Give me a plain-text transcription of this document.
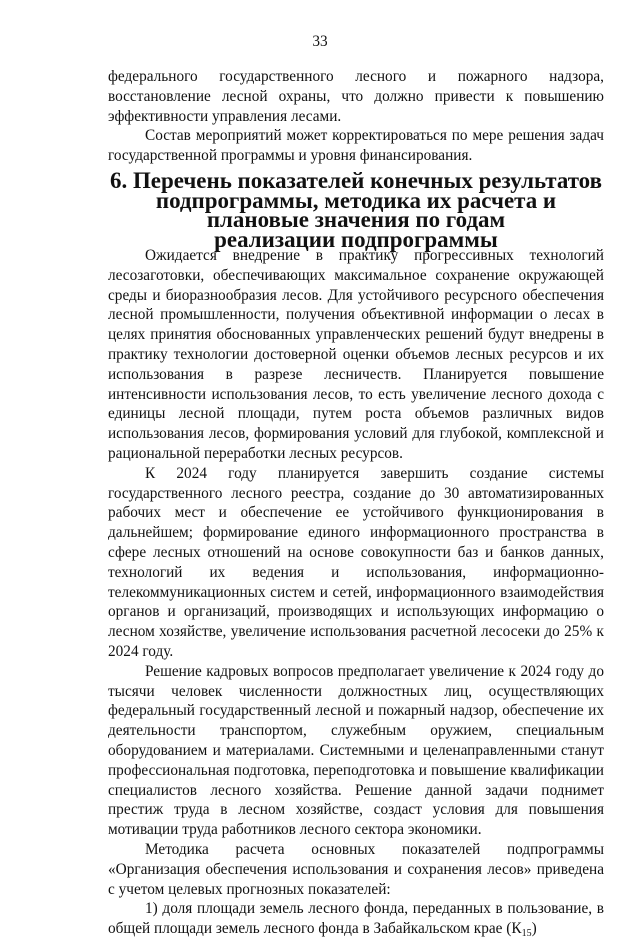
33

федерального государственного лесного и пожарного надзора, восстановление лесной охраны, что должно привести к повышению эффективности управления лесами.

Состав мероприятий может корректироваться по мере решения задач государственной программы и уровня финансирования.

6. Перечень показателей конечных результатов
подпрограммы, методика их расчета и плановые значения по годам
реализации подпрограммы

Ожидается внедрение в практику прогрессивных технологий лесозаготовки, обеспечивающих максимальное сохранение окружающей среды и биоразнообразия лесов. Для устойчивого ресурсного обеспечения лесной промышленности, получения объективной информации о лесах в целях принятия обоснованных управленческих решений будут внедрены в практику технологии достоверной оценки объемов лесных ресурсов и их использования в разрезе лесничеств. Планируется повышение интенсивности использования лесов, то есть увеличение лесного дохода с единицы лесной площади, путем роста объемов различных видов использования лесов, формирования условий для глубокой, комплексной и рациональной переработки лесных ресурсов.

К 2024 году планируется завершить создание системы государственного лесного реестра, создание до 30 автоматизированных рабочих мест и обеспечение ее устойчивого функционирования в дальнейшем; формирование единого информационного пространства в сфере лесных отношений на основе совокупности баз и банков данных, технологий их ведения и использования, информационно-телекоммуникационных систем и сетей, информационного взаимодействия органов и организаций, производящих и использующих информацию о лесном хозяйстве, увеличение использования расчетной лесосеки до 25% к 2024 году.

Решение кадровых вопросов предполагает увеличение к 2024 году до тысячи человек численности должностных лиц, осуществляющих федеральный государственный лесной и пожарный надзор, обеспечение их деятельности транспортом, служебным оружием, специальным оборудованием и материалами. Системными и целенаправленными станут профессиональная подготовка, переподготовка и повышение квалификации специалистов лесного хозяйства. Решение данной задачи поднимет престиж труда в лесном хозяйстве, создаст условия для повышения мотивации труда работников лесного сектора экономики.

Методика расчета основных показателей подпрограммы «Организация обеспечения использования и сохранения лесов» приведена с учетом целевых прогнозных показателей:

1) доля площади земель лесного фонда, переданных в пользование, в общей площади земель лесного фонда в Забайкальском крае $(К_{15})$
